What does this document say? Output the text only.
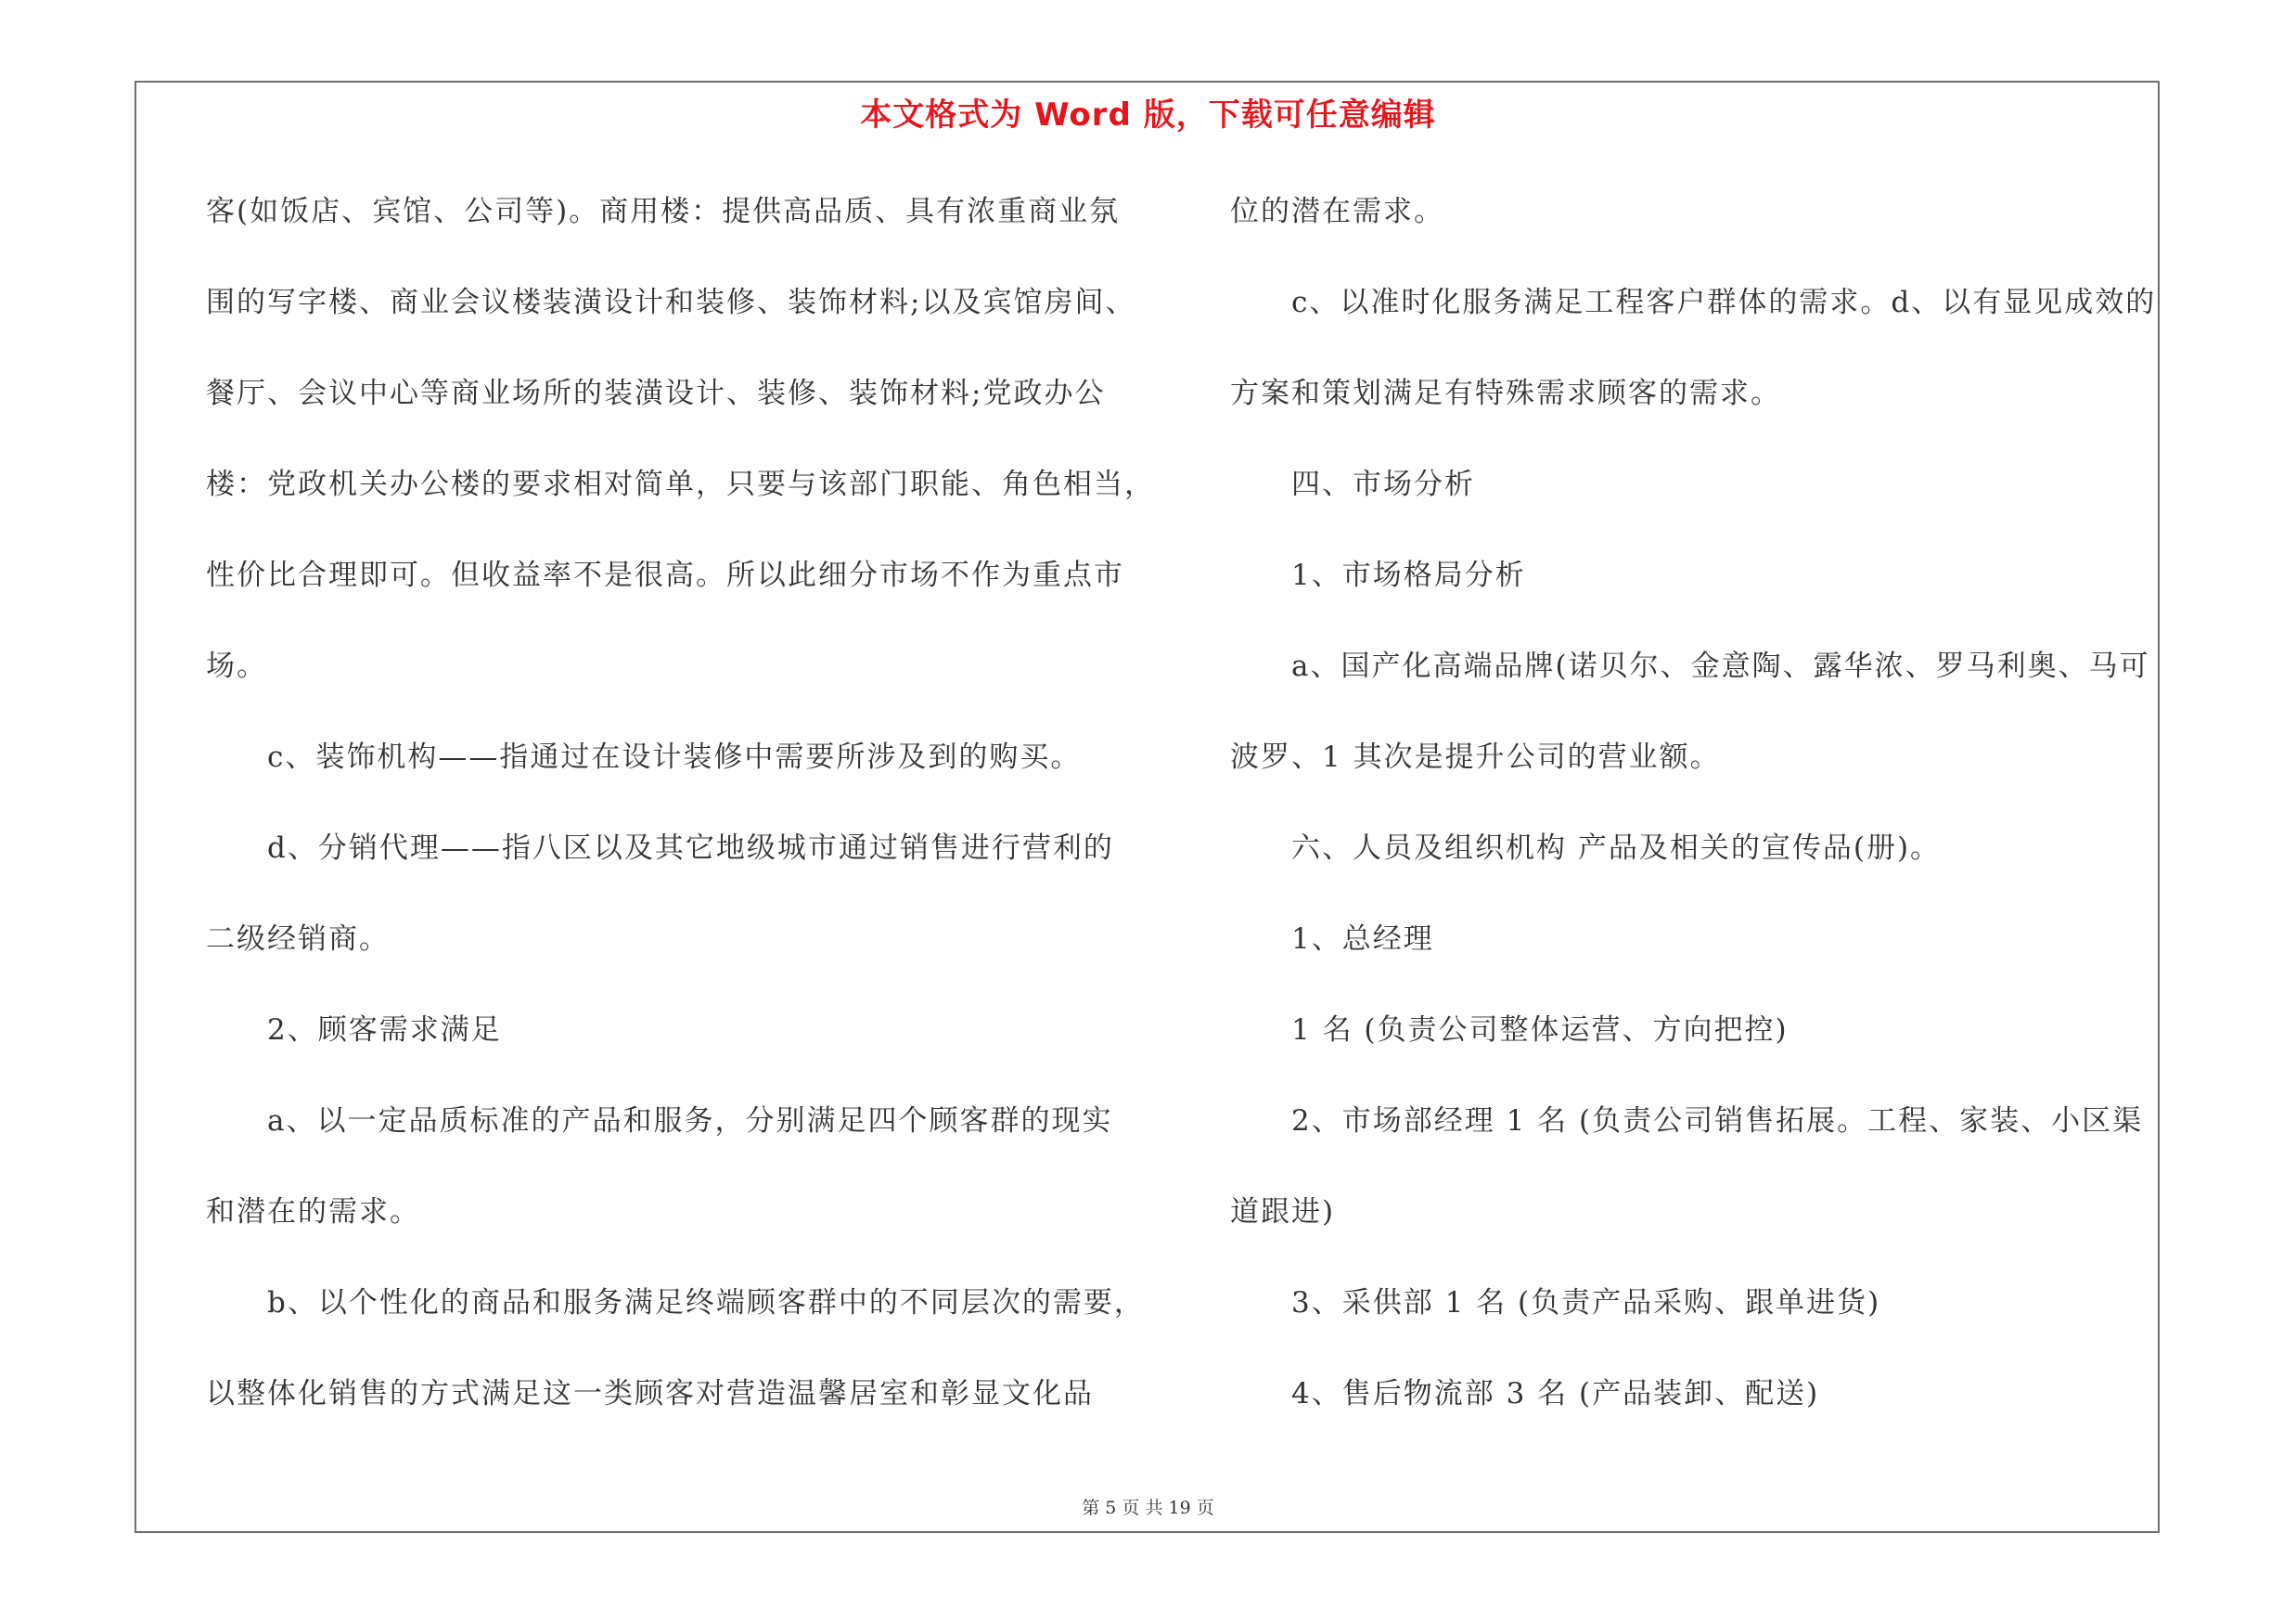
本文格式为 Word 版，下载可任意编辑
客(如饭店、宾馆、公司等)。商用楼：提供高品质、具有浓重商业氛
围的写字楼、商业会议楼装潢设计和装修、装饰材料;以及宾馆房间、
餐厅、会议中心等商业场所的装潢设计、装修、装饰材料;党政办公
楼：党政机关办公楼的要求相对简单，只要与该部门职能、角色相当，
性价比合理即可。但收益率不是很高。所以此细分市场不作为重点市
场。
c、装饰机构——指通过在设计装修中需要所涉及到的购买。
d、分销代理——指八区以及其它地级城市通过销售进行营利的
二级经销商。
2、顾客需求满足
a、以一定品质标准的产品和服务，分别满足四个顾客群的现实
和潜在的需求。
b、以个性化的商品和服务满足终端顾客群中的不同层次的需要，
以整体化销售的方式满足这一类顾客对营造温馨居室和彰显文化品
位的潜在需求。
c、以准时化服务满足工程客户群体的需求。d、以有显见成效的
方案和策划满足有特殊需求顾客的需求。
四、市场分析
1、市场格局分析
a、国产化高端品牌(诺贝尔、金意陶、露华浓、罗马利奥、马可
波罗、1 其次是提升公司的营业额。
六、人员及组织机构 产品及相关的宣传品(册)。
1、总经理
1 名 (负责公司整体运营、方向把控)
2、市场部经理 1 名 (负责公司销售拓展。工程、家装、小区渠
道跟进)
3、采供部 1 名 (负责产品采购、跟单进货)
4、售后物流部 3 名 (产品装卸、配送)
第 5 页 共 19 页
